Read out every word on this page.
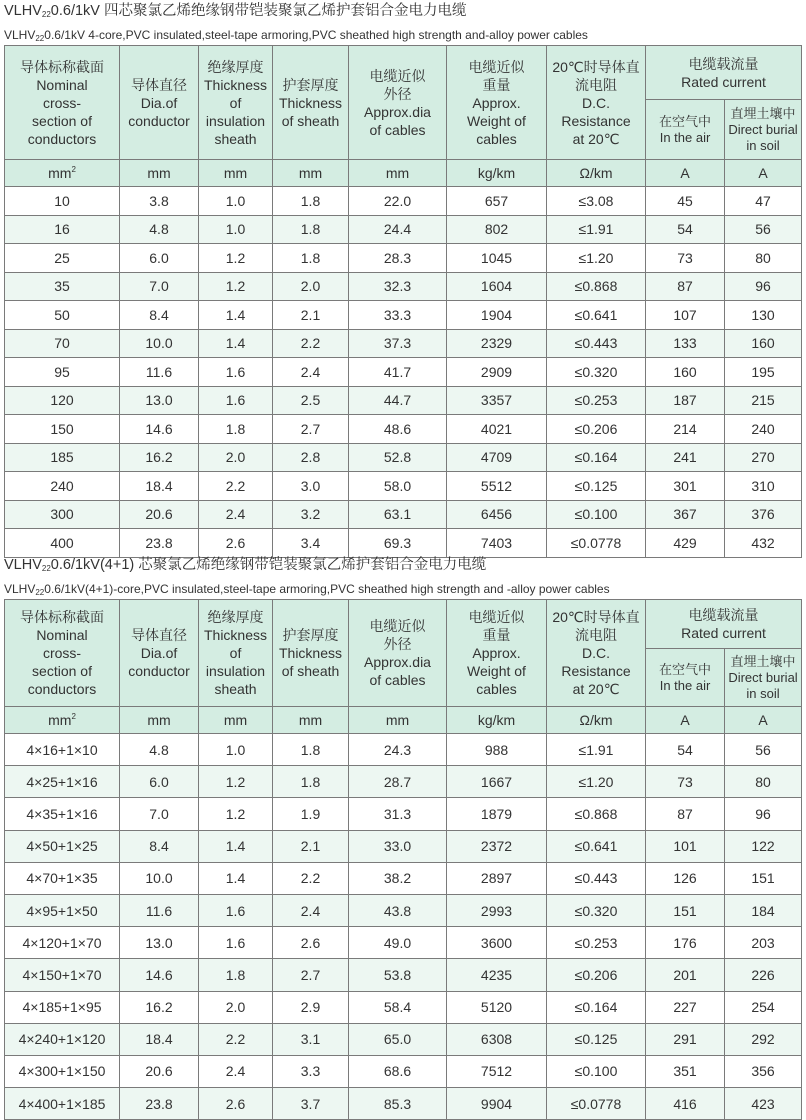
$VLHV_{22}0.6/1kV$ 四芯聚氯乙烯绝缘钢带铠装聚氯乙烯护套铝合金电力电缆
$VLHV_{22}0.6/1kV$ 4-core,PVC insulated,steel-tape armoring,PVC sheathed high strength and-alloy power cables
导体标称截面
Nominal
cross-
section of
conductors	导体直径
Dia.of
conductor	绝缘厚度
Thickness
of insulation
sheath	护套厚度
Thickness
of sheath	电缆近似
外径
Approx.dia
of cables	电缆近似
重量
Approx.
Weight of
cables	20℃时导体直
流电阻
D.C.
Resistance
at 20℃	电缆载流量
Rated current	
							在空气中
In the air	直埋土壤中
Direct burial
in soil
$mm^2$	mm	mm	mm	mm	kg/km	Ω/km	A	A
10	3.8	1.0	1.8	22.0	657	≤3.08	45	47
16	4.8	1.0	1.8	24.4	802	≤1.91	54	56
25	6.0	1.2	1.8	28.3	1045	≤1.20	73	80
35	7.0	1.2	2.0	32.3	1604	≤0.868	87	96
50	8.4	1.4	2.1	33.3	1904	≤0.641	107	130
70	10.0	1.4	2.2	37.3	2329	≤0.443	133	160
95	11.6	1.6	2.4	41.7	2909	≤0.320	160	195
120	13.0	1.6	2.5	44.7	3357	≤0.253	187	215
150	14.6	1.8	2.7	48.6	4021	≤0.206	214	240
185	16.2	2.0	2.8	52.8	4709	≤0.164	241	270
240	18.4	2.2	3.0	58.0	5512	≤0.125	301	310
300	20.6	2.4	3.2	63.1	6456	≤0.100	367	376
400	23.8	2.6	3.4	69.3	7403	≤0.0778	429	432
$VLHV_{22}0.6/1kV(4+1)$ 芯聚氯乙烯绝缘钢带铠装聚氯乙烯护套铝合金电力电缆
$VLHV_{22}0.6/1kV(4+1)-core,PVC$ insulated,steel-tape armoring,PVC sheathed high strength and -alloy power cables
导体标称截面
Nominal
cross-
section of
conductors	导体直径
Dia.of
conductor	绝缘厚度
Thickness
of insulation
sheath	护套厚度
Thickness
of sheath	电缆近似
外径
Approx.dia
of cables	电缆近似
重量
Approx.
Weight of
cables	20℃时导体直
流电阻
D.C.
Resistance
at 20℃	电缆载流量
Rated current	
							在空气中
In the air	直埋土壤中
Direct burial
in soil
$mm^2$	mm	mm	mm	mm	kg/km	Ω/km	A	A
4×16+1×10	4.8	1.0	1.8	24.3	988	≤1.91	54	56
4×25+1×16	6.0	1.2	1.8	28.7	1667	≤1.20	73	80
4×35+1×16	7.0	1.2	1.9	31.3	1879	≤0.868	87	96
4×50+1×25	8.4	1.4	2.1	33.0	2372	≤0.641	101	122
4×70+1×35	10.0	1.4	2.2	38.2	2897	≤0.443	126	151
4×95+1×50	11.6	1.6	2.4	43.8	2993	≤0.320	151	184
4×120+1×70	13.0	1.6	2.6	49.0	3600	≤0.253	176	203
4×150+1×70	14.6	1.8	2.7	53.8	4235	≤0.206	201	226
4×185+1×95	16.2	2.0	2.9	58.4	5120	≤0.164	227	254
4×240+1×120	18.4	2.2	3.1	65.0	6308	≤0.125	291	292
4×300+1×150	20.6	2.4	3.3	68.6	7512	≤0.100	351	356
4×400+1×185	23.8	2.6	3.7	85.3	9904	≤0.0778	416	423
